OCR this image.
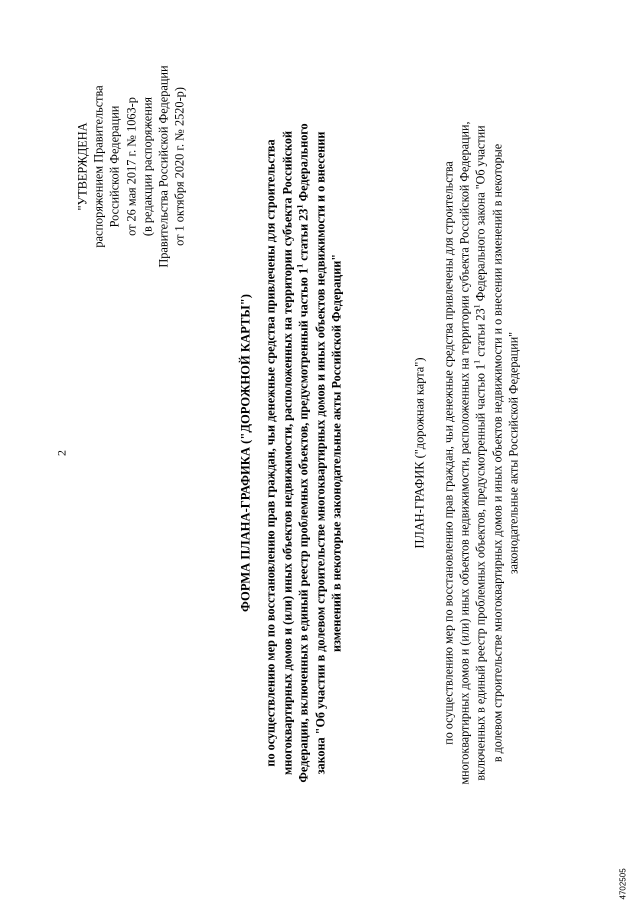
2
"УТВЕРЖДЕНА распоряжением Правительства Российской Федерации от 26 мая 2017 г. № 1063-р (в редакции распоряжения Правительства Российской Федерации от 1 октября 2020 г. № 2520-р)
ФОРМА ПЛАНА-ГРАФИКА ("ДОРОЖНОЙ КАРТЫ") по осуществлению мер по восстановлению прав граждан, чьи денежные средства привлечены для строительства многоквартирных домов и (или) иных объектов недвижимости, расположенных на территории субъекта Российской Федерации, включенных в единый реестр проблемных объектов, предусмотренный частью $1^1$ статьи $23^1$ Федерального закона "Об участии в долевом строительстве многоквартирных домов и иных объектов недвижимости и о внесении изменений в некоторые законодательные акты Российской Федерации"	ПЛАН-ГРАФИК ("дорожная карта") по осуществлению мер по восстановлению прав граждан, чьи денежные средства привлечены для строительства многоквартирных домов и (или) иных объектов недвижимости, расположенных на территории субъекта Российской Федерации, включенных в единый реестр проблемных объектов, предусмотренный частью $1^1$ статьи $23^1$ Федерального закона "Об участии в долевом строительстве многоквартирных домов и иных объектов недвижимости и о внесении изменений в некоторые законодательные акты Российской Федерации"
4702505
